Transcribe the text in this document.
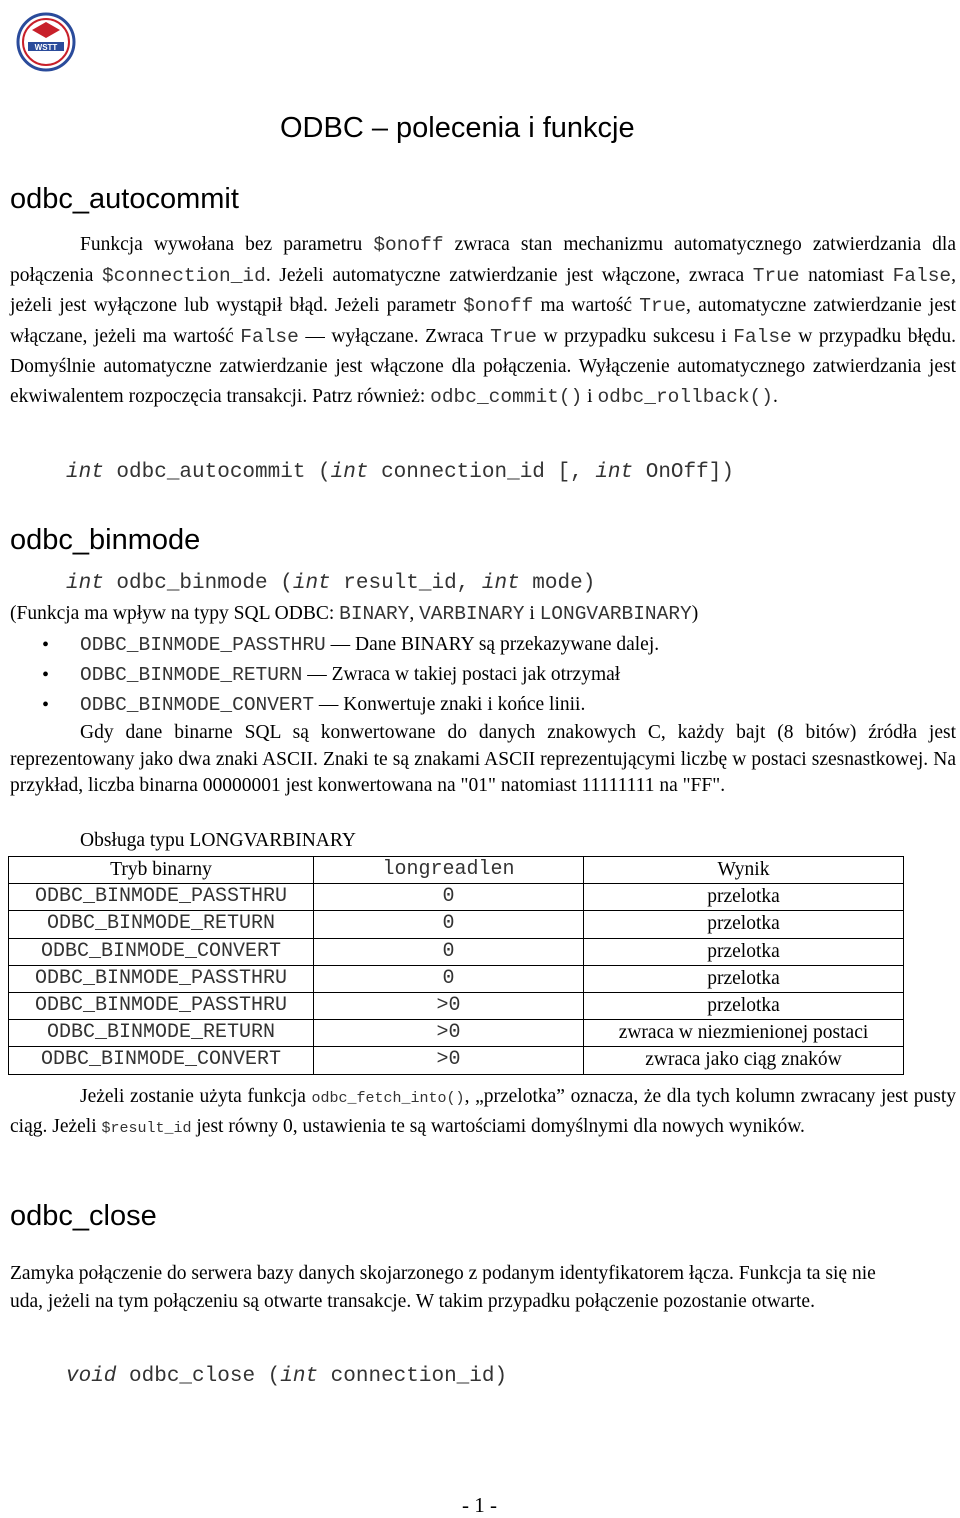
WSTT
ODBC – polecenia i funkcje
odbc_autocommit

Funkcja wywołana bez parametru $onoff zwraca stan mechanizmu automatycznego zatwierdzania dla połączenia $connection_id. Jeżeli automatyczne zatwierdzanie jest włączone, zwraca True natomiast False, jeżeli jest wyłączone lub wystąpił błąd. Jeżeli parametr $onoff ma wartość True, automatyczne zatwierdzanie jest włączane, jeżeli ma wartość False — wyłączane. Zwraca True w przypadku sukcesu i False w przypadku błędu. Domyślnie automatyczne zatwierdzanie jest włączone dla połączenia. Wyłączenie automatycznego zatwierdzania jest ekwiwalentem rozpoczęcia transakcji. Patrz również: odbc_commit() i odbc_rollback().

int odbc_autocommit (int connection_id [, int OnOff])
odbc_binmode
int odbc_binmode (int result_id, int mode)

(Funkcja ma wpływ na typy SQL ODBC: BINARY, VARBINARY i LONGVARBINARY)

• ODBC_BINMODE_PASSTHRU — Dane BINARY są przekazywane dalej.
• ODBC_BINMODE_RETURN — Zwraca w takiej postaci jak otrzymał
• ODBC_BINMODE_CONVERT — Konwertuje znaki i końce linii.

Gdy dane binarne SQL są konwertowane do danych znakowych C, każdy bajt (8 bitów) źródła jest reprezentowany jako dwa znaki ASCII. Znaki te są znakami ASCII reprezentującymi liczbę w postaci szesnastkowej. Na przykład, liczba binarna 00000001 jest konwertowana na "01" natomiast 11111111 na "FF".

Obsługa typu LONGVARBINARY
Tryb binarny	longreadlen	Wynik
ODBC_BINMODE_PASSTHRU	0	przelotka
ODBC_BINMODE_RETURN	0	przelotka
ODBC_BINMODE_CONVERT	0	przelotka
ODBC_BINMODE_PASSTHRU	0	przelotka
ODBC_BINMODE_PASSTHRU	>0	przelotka
ODBC_BINMODE_RETURN	>0	zwraca w niezmienionej postaci
ODBC_BINMODE_CONVERT	>0	zwraca jako ciąg znaków

Jeżeli zostanie użyta funkcja odbc_fetch_into(), „przelotka” oznacza, że dla tych kolumn zwracany jest pusty ciąg. Jeżeli $result_id jest równy 0, ustawienia te są wartościami domyślnymi dla nowych wyników.

odbc_close

Zamyka połączenie do serwera bazy danych skojarzonego z podanym identyfikatorem łącza. Funkcja ta się nie uda, jeżeli na tym połączeniu są otwarte transakcje. W takim przypadku połączenie pozostanie otwarte.

void odbc_close (int connection_id)
- 1 -
